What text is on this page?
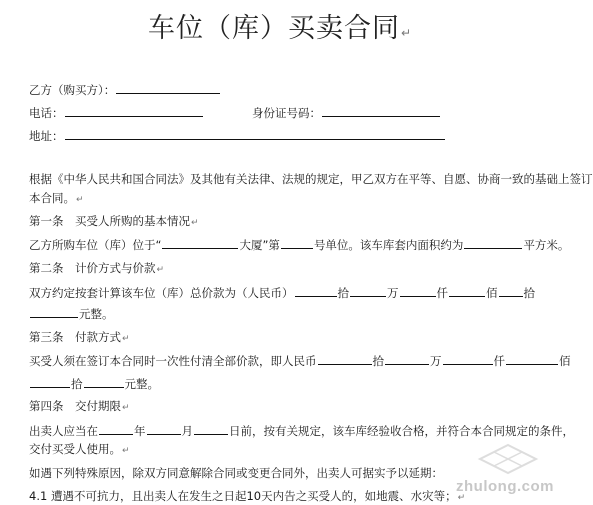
车位（库）买卖合同↵
乙方（购买方）：
电话：	身份证号码：
地址：
根据《中华人民共和国合同法》及其他有关法律、法规的规定，甲乙双方在平等、自愿、协商一致的基础上签订
本合同。↵
第一条　买受人所购的基本情况↵
乙方所购车位（库）位于“	大厦”第	号单位。该车库套内面积约为	平方米。
第二条　计价方式与价款↵
双方约定按套计算该车位（库）总价款为（人民币）	拾	万	仟	佰 拾
元整。
第三条　付款方式↵
买受人须在签订本合同时一次性付清全部价款，即人民币	拾	万	仟	佰
拾	元整。
第四条　交付期限↵
出卖人应当在	年	月	日前，按有关规定，该车库经验收合格，并符合本合同规定的条件，
交付买受人使用。↵
如遇下列特殊原因，除双方同意解除合同或变更合同外，出卖人可据实予以延期：
4.1 遭遇不可抗力，且出卖人在发生之日起10天内告之买受人的，如地震、水灾等；↵
zhulong.com
